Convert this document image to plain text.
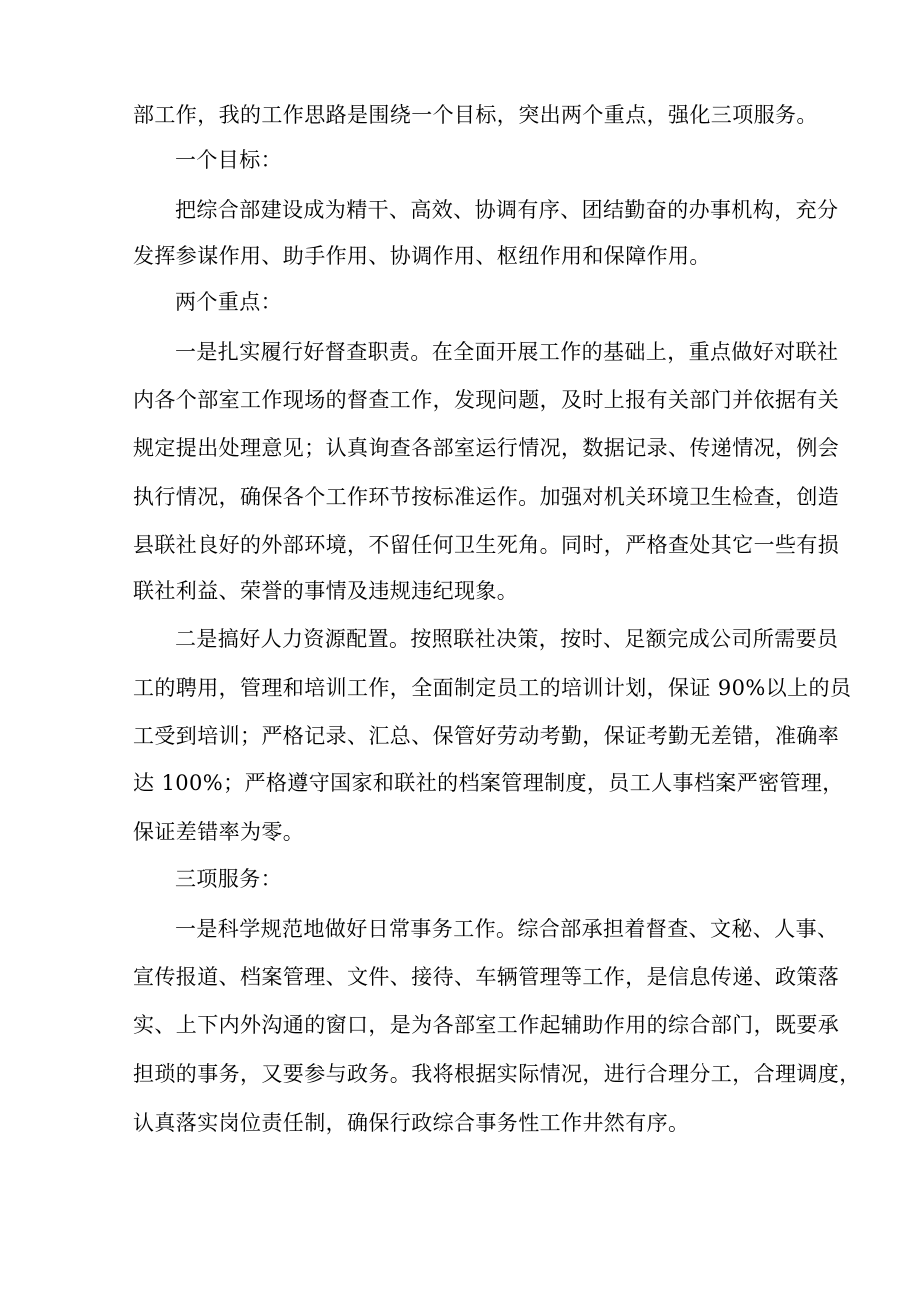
部工作，我的工作思路是围绕一个目标，突出两个重点，强化三项服务。
一个目标：
把综合部建设成为精干、高效、协调有序、团结勤奋的办事机构，充分
发挥参谋作用、助手作用、协调作用、枢纽作用和保障作用。
两个重点：
一是扎实履行好督查职责。在全面开展工作的基础上，重点做好对联社
内各个部室工作现场的督查工作，发现问题，及时上报有关部门并依据有关
规定提出处理意见；认真询查各部室运行情况，数据记录、传递情况，例会
执行情况，确保各个工作环节按标准运作。加强对机关环境卫生检查，创造
县联社良好的外部环境，不留任何卫生死角。同时，严格查处其它一些有损
联社利益、荣誉的事情及违规违纪现象。
二是搞好人力资源配置。按照联社决策，按时、足额完成公司所需要员
工的聘用，管理和培训工作，全面制定员工的培训计划，保证 90%以上的员
工受到培训；严格记录、汇总、保管好劳动考勤，保证考勤无差错，准确率
达 100%；严格遵守国家和联社的档案管理制度，员工人事档案严密管理，
保证差错率为零。
三项服务：
一是科学规范地做好日常事务工作。综合部承担着督查、文秘、人事、
宣传报道、档案管理、文件、接待、车辆管理等工作，是信息传递、政策落
实、上下内外沟通的窗口，是为各部室工作起辅助作用的综合部门，既要承
担琐的事务，又要参与政务。我将根据实际情况，进行合理分工，合理调度，
认真落实岗位责任制，确保行政综合事务性工作井然有序。
